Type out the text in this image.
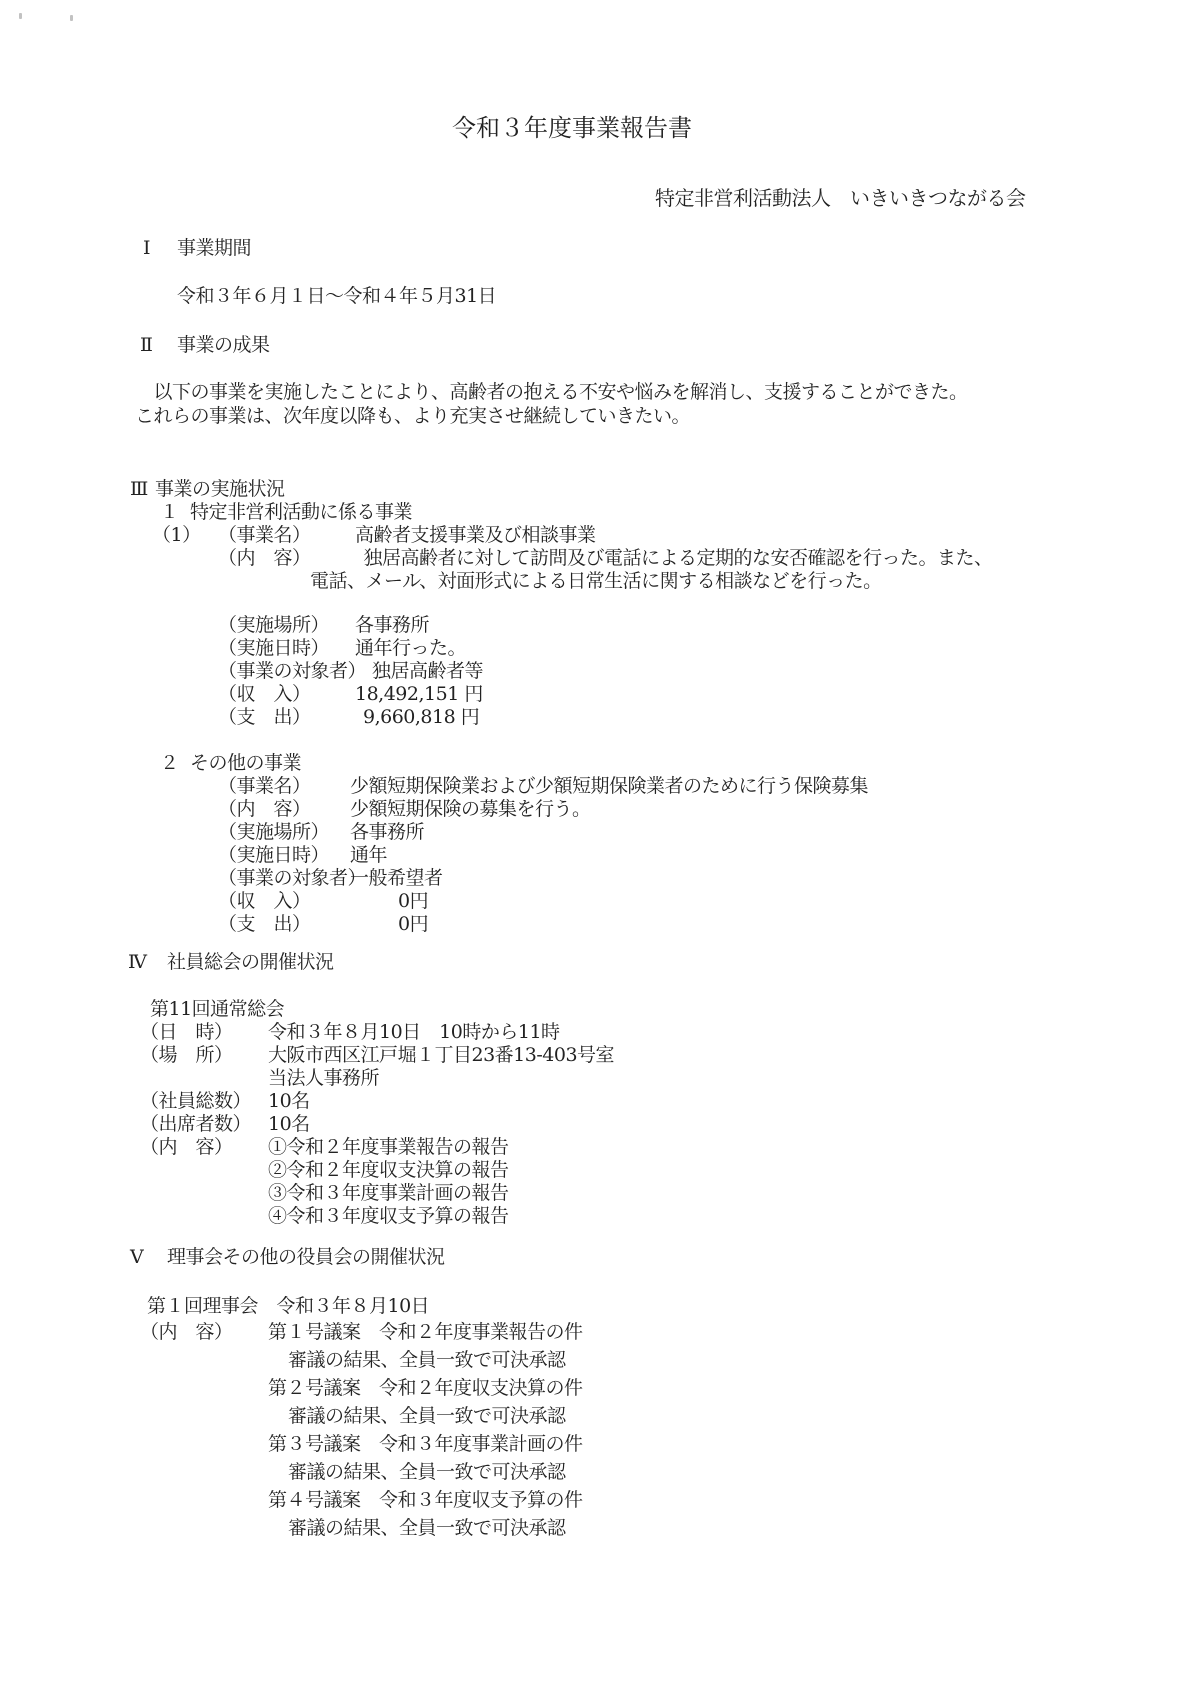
令和３年度事業報告書
特定非営利活動法人　いきいきつながる会
Ⅰ 事業期間
令和３年６月１日～令和４年５月31日
Ⅱ 事業の成果
　以下の事業を実施したことにより、高齢者の抱える不安や悩みを解消し、支援することができた。
これらの事業は、次年度以降も、より充実させ継続していきたい。
Ⅲ 事業の実施状況
１ 特定非営利活動に係る事業
（1） （事業名） 高齢者支援事業及び相談事業
（内　容） 　独居高齢者に対して訪問及び電話による定期的な安否確認を行った。また、
電話、メール、対面形式による日常生活に関する相談などを行った。
（実施場所） 各事務所
（実施日時） 通年行った。
（事業の対象者） 独居高齢者等
（収　入） 18,492,151 円
（支　出）	9,660,818 円
２ その他の事業
（事業名） 少額短期保険業および少額短期保険業者のために行う保険募集
（内　容） 少額短期保険の募集を行う。
（実施場所） 各事務所
（実施日時） 通年
（事業の対象者）
一般希望者
（収　入）	0円
（支　出）	0円
Ⅳ 社員総会の開催状況
第11回通常総会
（日　時） 令和３年８月10日　10時から11時
（場　所） 大阪市西区江戸堀１丁目23番13-403号室
当法人事務所
（社員総数） 10名
（出席者数） 10名
（内　容） ①令和２年度事業報告の報告
②令和２年度収支決算の報告
③令和３年度事業計画の報告
④令和３年度収支予算の報告
Ⅴ 理事会その他の役員会の開催状況
第１回理事会　令和３年８月10日
（内　容） 第１号議案　令和２年度事業報告の件
審議の結果、全員一致で可決承認
第２号議案　令和２年度収支決算の件
審議の結果、全員一致で可決承認
第３号議案　令和３年度事業計画の件
審議の結果、全員一致で可決承認
第４号議案　令和３年度収支予算の件
審議の結果、全員一致で可決承認
